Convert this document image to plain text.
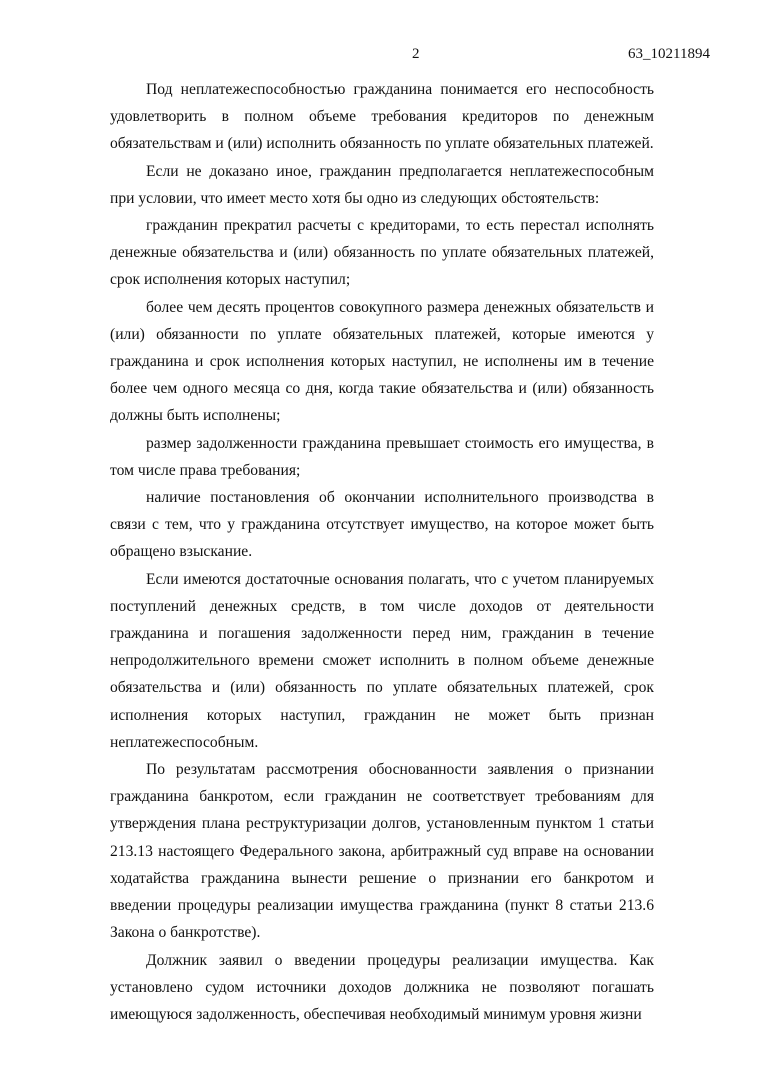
2	63_10211894

Под неплатежеспособностью гражданина понимается его неспособность удовлетворить в полном объеме требования кредиторов по денежным обязательствам и (или) исполнить обязанность по уплате обязательных платежей.

Если не доказано иное, гражданин предполагается неплатежеспособным при условии, что имеет место хотя бы одно из следующих обстоятельств:

гражданин прекратил расчеты с кредиторами, то есть перестал исполнять денежные обязательства и (или) обязанность по уплате обязательных платежей, срок исполнения которых наступил;

более чем десять процентов совокупного размера денежных обязательств и (или) обязанности по уплате обязательных платежей, которые имеются у гражданина и срок исполнения которых наступил, не исполнены им в течение более чем одного месяца со дня, когда такие обязательства и (или) обязанность должны быть исполнены;

размер задолженности гражданина превышает стоимость его имущества, в том числе права требования;

наличие постановления об окончании исполнительного производства в связи с тем, что у гражданина отсутствует имущество, на которое может быть обращено взыскание.

Если имеются достаточные основания полагать, что с учетом планируемых поступлений денежных средств, в том числе доходов от деятельности гражданина и погашения задолженности перед ним, гражданин в течение непродолжительного времени сможет исполнить в полном объеме денежные обязательства и (или) обязанность по уплате обязательных платежей, срок исполнения которых наступил, гражданин не может быть признан неплатежеспособным.

По результатам рассмотрения обоснованности заявления о признании гражданина банкротом, если гражданин не соответствует требованиям для утверждения плана реструктуризации долгов, установленным пунктом 1 статьи 213.13 настоящего Федерального закона, арбитражный суд вправе на основании ходатайства гражданина вынести решение о признании его банкротом и введении процедуры реализации имущества гражданина (пункт 8 статьи 213.6 Закона о банкротстве).

Должник заявил о введении процедуры реализации имущества. Как установлено судом источники доходов должника не позволяют погашать имеющуюся задолженность, обеспечивая необходимый минимум уровня жизни
